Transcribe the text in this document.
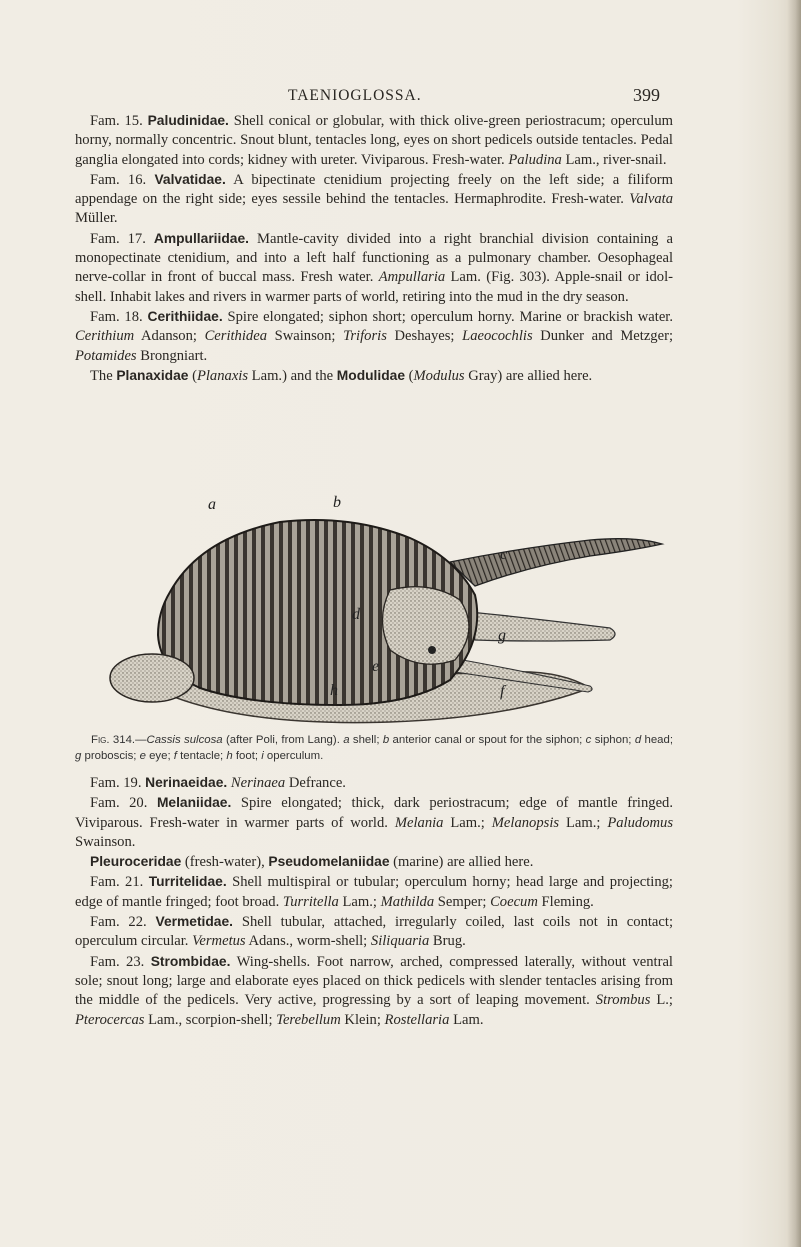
TAENIOGLOSSA.	399

Fam. 15. Paludinidae. Shell conical or globular, with thick olive-green periostracum; operculum horny, normally concentric. Snout blunt, tentacles long, eyes on short pedicels outside tentacles. Pedal ganglia elongated into cords; kidney with ureter. Viviparous. Fresh-water. Paludina Lam., river-snail.

Fam. 16. Valvatidae. A bipectinate ctenidium projecting freely on the left side; a filiform appendage on the right side; eyes sessile behind the tentacles. Hermaphrodite. Fresh-water. Valvata Müller.

Fam. 17. Ampullariidae. Mantle-cavity divided into a right branchial division containing a monopectinate ctenidium, and into a left half functioning as a pulmonary chamber. Oesophageal nerve-collar in front of buccal mass. Fresh water. Ampullaria Lam. (Fig. 303). Apple-snail or idol-shell. Inhabit lakes and rivers in warmer parts of world, retiring into the mud in the dry season.

Fam. 18. Cerithiidae. Spire elongated; siphon short; operculum horny. Marine or brackish water. Cerithium Adanson; Cerithidea Swainson; Triforis Deshayes; Laeocochlis Dunker and Metzger; Potamides Brongniart.

The Planaxidae (Planaxis Lam.) and the Modulidae (Modulus Gray) are allied here.

a	b
c
d
e
g
f
h

Fig. 314.—Cassis sulcosa (after Poli, from Lang). a shell; b anterior canal or spout for the siphon; c siphon; d head; g proboscis; e eye; f tentacle; h foot; i operculum.

Fam. 19. Nerinaeidae. Nerinaea Defrance.

Fam. 20. Melaniidae. Spire elongated; thick, dark periostracum; edge of mantle fringed. Viviparous. Fresh-water in warmer parts of world. Melania Lam.; Melanopsis Lam.; Paludomus Swainson.

Pleuroceridae (fresh-water), Pseudomelaniidae (marine) are allied here.

Fam. 21. Turritelidae. Shell multispiral or tubular; operculum horny; head large and projecting; edge of mantle fringed; foot broad. Turritella Lam.; Mathilda Semper; Coecum Fleming.

Fam. 22. Vermetidae. Shell tubular, attached, irregularly coiled, last coils not in contact; operculum circular. Vermetus Adans., worm-shell; Siliquaria Brug.

Fam. 23. Strombidae. Wing-shells. Foot narrow, arched, compressed laterally, without ventral sole; snout long; large and elaborate eyes placed on thick pedicels with slender tentacles arising from the middle of the pedicels. Very active, progressing by a sort of leaping movement. Strombus L.; Pterocercas Lam., scorpion-shell; Terebellum Klein; Rostellaria Lam.
